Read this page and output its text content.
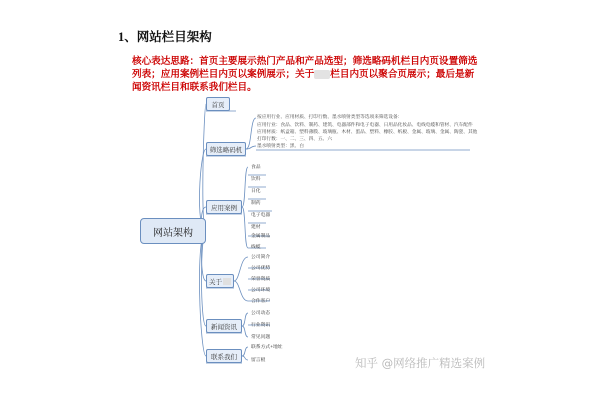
1、网站栏目架构
核心表达思路：首页主要展示热门产品和产品选型；筛选略码机栏目内页设置筛选列表；应用案例栏目内页以案例展示；关于 栏目内页以聚合页展示；最后是新闻资讯栏目和联系我们栏目。
网站架构
首页
筛选略码机
应用案例
关于
新闻资讯
联系我们
按应用行业、应用材质、打印行数、墨水喷射类型等选项来筛选设备：
应用行业：食品、饮料、制药、建筑、电器部件和电子电器、日用品化妆品、电线电缆和管材、汽车配件
应用材质：纸盒箱、塑料薄膜、玻璃瓶、木材、蛋品、塑料、橡胶、纸板、金属、玻璃、金属、陶瓷、其他
打印行数：一、二、三、四、五、六
墨水喷射类型：黑、白
食品
饮料
日化
制药
电子电器
建材
金属制品
线缆
公司简介
公司优势
荣誉资质
公司环境
合作客户
公司动态
行业资讯
常见问题
联系方式+地址
留言板	知乎 @网络推广精选案例
